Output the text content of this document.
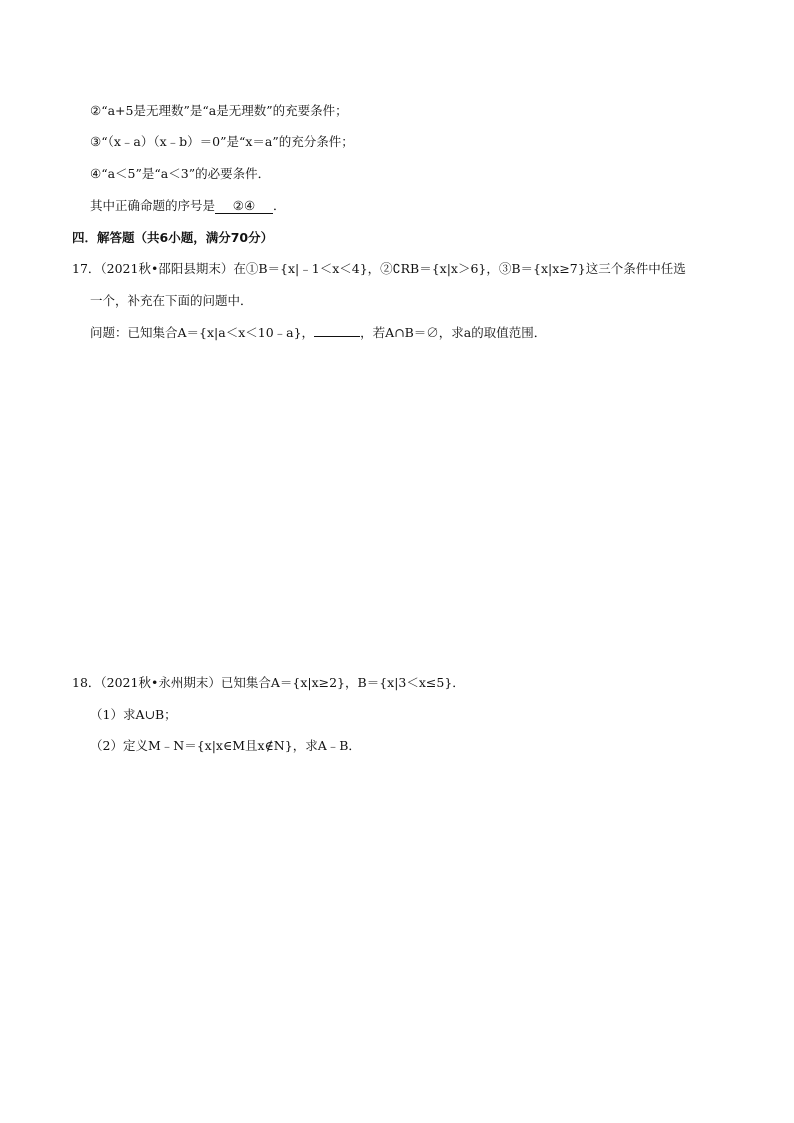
②“a+5是无理数”是“a是无理数”的充要条件；

③“（x﹣a）（x﹣b）＝0”是“x＝a”的充分条件；

④“a＜5”是“a＜3”的必要条件．

其中正确命题的序号是 ②④ ．

四．解答题（共6小题，满分70分）

17．（2021秋•邵阳县期末）在①B＝{x|﹣1＜x＜4}，②∁RB＝{x|x＞6}，③B＝{x|x≥7}这三个条件中任选

一个，补充在下面的问题中．

问题：已知集合A＝{x|a＜x＜10﹣a}，	，若A∩B＝∅，求a的取值范围．

18．（2021秋•永州期末）已知集合A＝{x|x≥2}，B＝{x|3＜x≤5}．

（1）求A∪B；

（2）定义M﹣N＝{x|x∈M且x∉N}，求A﹣B．
